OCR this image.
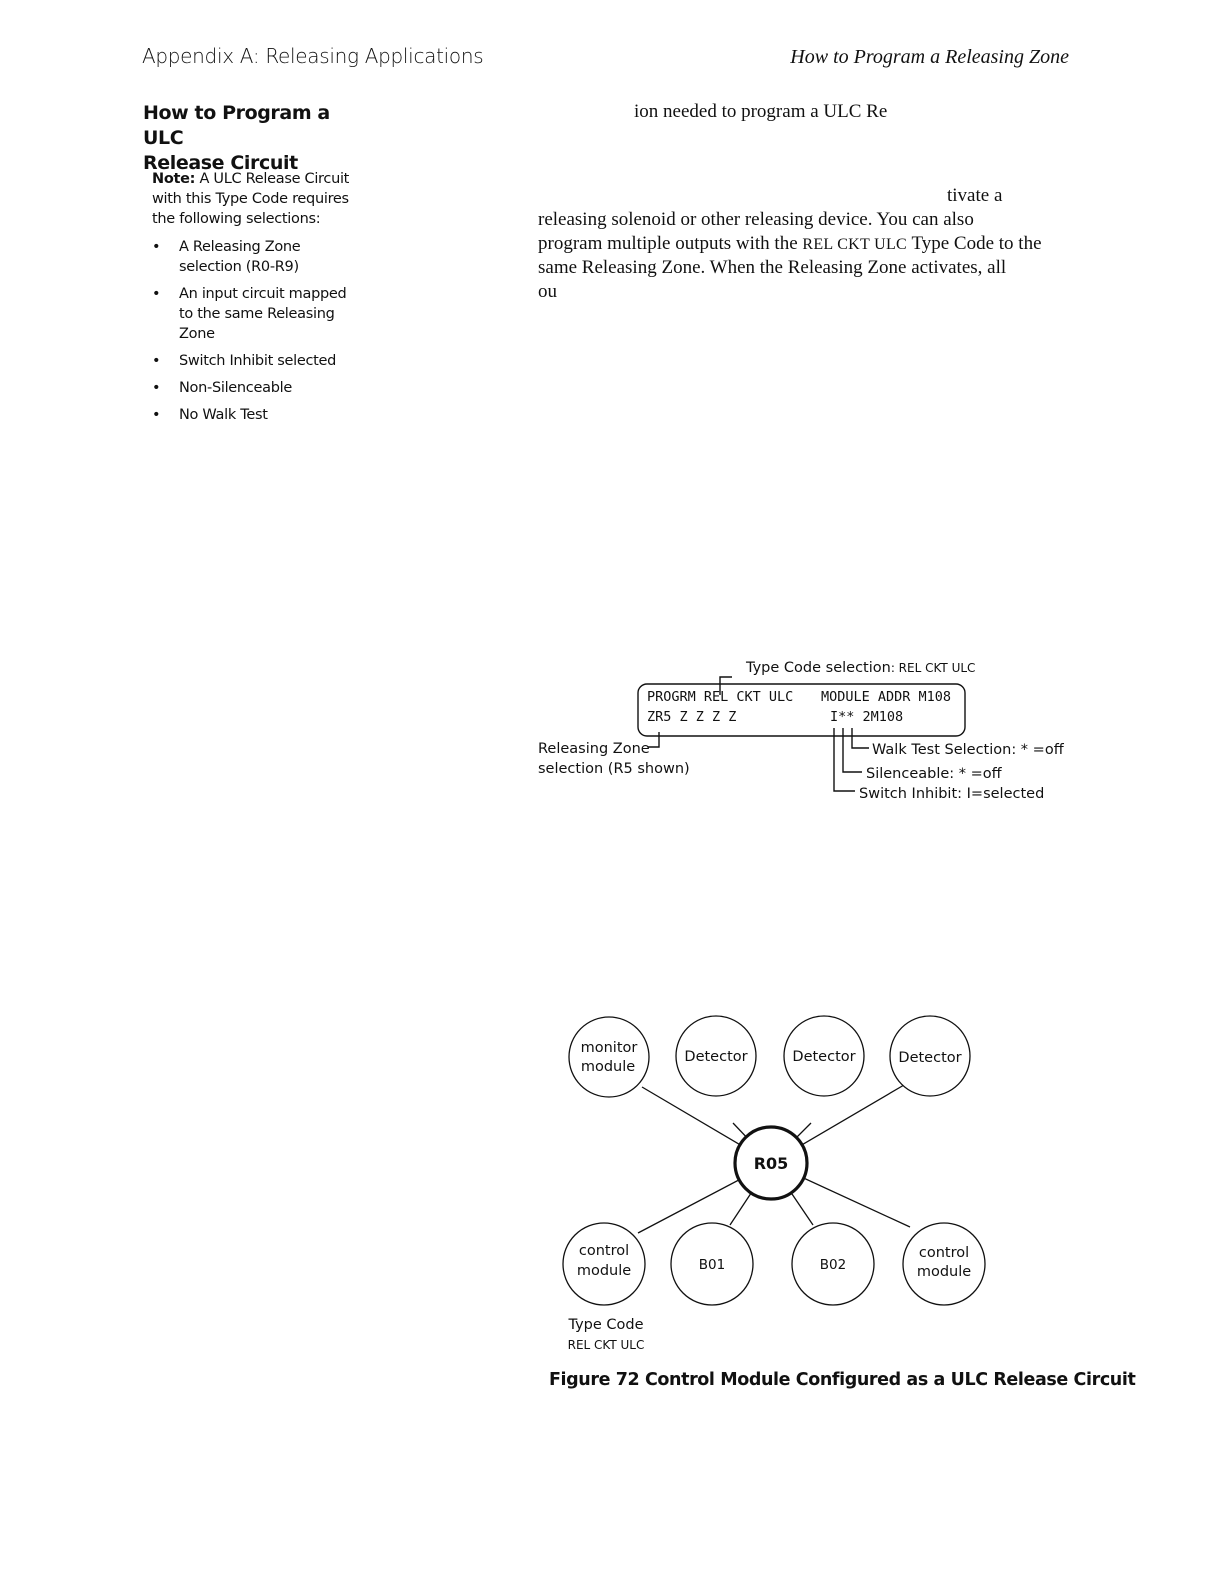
Appendix A: Releasing Applications	How to Program a Releasing Zone
How to Program a ULC
Release Circuit
Note: A ULC Release Circuit with this Type Code requires the following selections:
• A Releasing Zone selection (R0-R9)
• An input circuit mapped to the same Releasing Zone
• Switch Inhibit selected
• Non-Silenceable
• No Walk Test
ion needed to program a ULC Re
tivate a
releasing solenoid or other releasing device. You can also
program multiple outputs with the REL CKT ULC Type Code to the
same Releasing Zone. When the Releasing Zone activates, all
ou
Type Code selection: REL CKT ULC
Releasing Zone
selection (R5 shown)
Walk Test Selection: * =off
Silenceable: * =off
Switch Inhibit: I=selected
PROGRM REL CKT ULC MODULE ADDR M108
ZR5 Z Z Z Z	I** 2M108
monitor
module
Detector	Detector	Detector
control
module	B01	B02
control
module
R05
Type Code
REL CKT ULC
Figure 72 Control Module Configured as a ULC Release Circuit
